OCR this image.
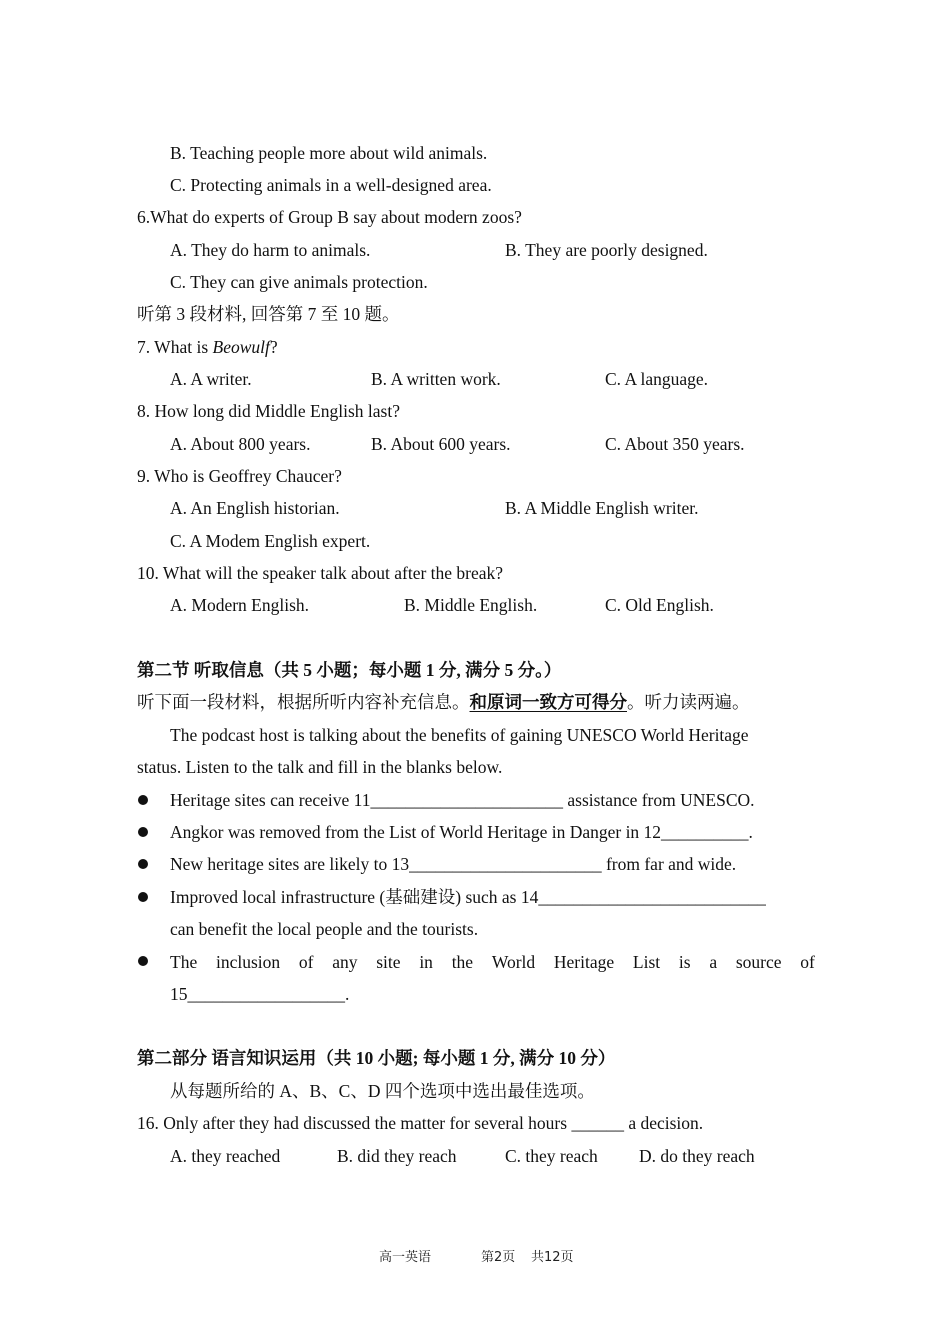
B. Teaching people more about wild animals.
C. Protecting animals in a well-designed area.
6.What do experts of Group B say about modern zoos?
A. They do harm to animals.	B. They are poorly designed.
C. They can give animals protection.
听第 3 段材料, 回答第 7 至 10 题。
7. What is Beowulf?
A. A writer.	B. A written work.	C. A language.
8. How long did Middle English last?
A. About 800 years.	B. About 600 years.	C. About 350 years.
9. Who is Geoffrey Chaucer?
A. An English historian.	B. A Middle English writer.
C. A Modem English expert.
10. What will the speaker talk about after the break?
A. Modern English.	B. Middle English.	C. Old English.
第二节 听取信息（共 5 小题；每小题 1 分, 满分 5 分。）
听下面一段材料，根据所听内容补充信息。和原词一致方可得分。听力读两遍。
The podcast host is talking about the benefits of gaining UNESCO World Heritage
status. Listen to the talk and fill in the blanks below.
Heritage sites can receive 11______________________ assistance from UNESCO.
Angkor was removed from the List of World Heritage in Danger in 12__________.
New heritage sites are likely to 13______________________ from far and wide.
Improved local infrastructure (基础建设) such as 14__________________________
can benefit the local people and the tourists.
The inclusion of any site in the World Heritage List is a source of
15__________________.
第二部分 语言知识运用（共 10 小题; 每小题 1 分, 满分 10 分）
从每题所给的 A、B、C、D 四个选项中选出最佳选项。
16. Only after they had discussed the matter for several hours ______ a decision.
A. they reached	B. did they reach	C. they reach D. do they reach
高一英语	第2页 共12页
